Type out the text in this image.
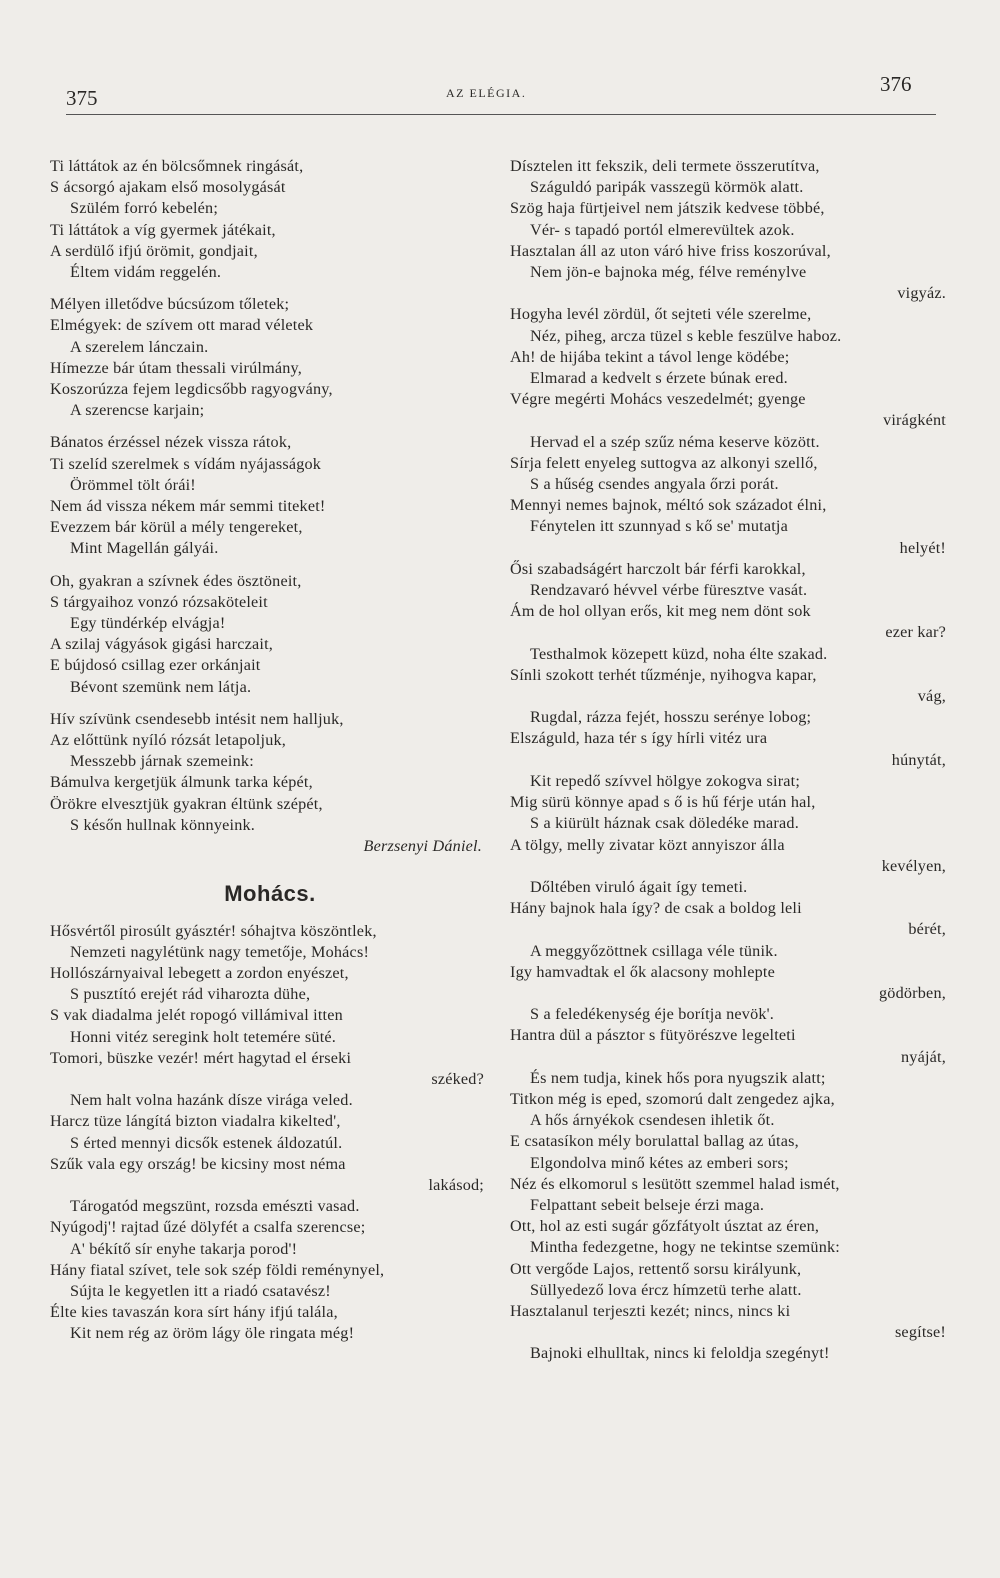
375	AZ ELÉGIA.	376
Ti láttátok az én bölcsőmnek ringását,
S ácsorgó ajakam első mosolygását
Szülém forró kebelén;
Ti láttátok a víg gyermek játékait,
A serdülő ifjú örömit, gondjait,
Éltem vidám reggelén.
Mélyen illetődve búcsúzom tőletek;
Elmégyek: de szívem ott marad véletek
A szerelem lánczain.
Hímezze bár útam thessali virúlmány,
Koszorúzza fejem legdicsőbb ragyogvány,
A szerencse karjain;
Bánatos érzéssel nézek vissza rátok,
Ti szelíd szerelmek s vídám nyájasságok
Örömmel tölt órái!
Nem ád vissza nékem már semmi titeket!
Evezzem bár körül a mély tengereket,
Mint Magellán gályái.
Oh, gyakran a szívnek édes ösztöneit,
S tárgyaihoz vonzó rózsaköteleit
Egy tündérkép elvágja!
A szilaj vágyások gigási harczait,
E bújdosó csillag ezer orkánjait
Bévont szemünk nem látja.
Hív szívünk csendesebb intésit nem halljuk,
Az előttünk nyíló rózsát letapoljuk,
Messzebb járnak szemeink:
Bámulva kergetjük álmunk tarka képét,
Örökre elvesztjük gyakran éltünk szépét,
S későn hullnak könnyeink.
Berzsenyi Dániel.
Mohács.
Hősvértől pirosúlt gyásztér! sóhajtva köszöntlek,
Nemzeti nagylétünk nagy temetője, Mohács!
Hollószárnyaival lebegett a zordon enyészet,
S pusztító erejét rád viharozta dühe,
S vak diadalma jelét ropogó villámival itten
Honni vitéz seregink holt tetemére süté.
Tomori, büszke vezér! mért hagytad el érseki
széked?
Nem halt volna hazánk dísze virága veled.
Harcz tüze lángítá bizton viadalra kikelted',
S érted mennyi dicsők estenek áldozatúl.
Szűk vala egy ország! be kicsiny most néma
lakásod;
Tárogatód megszünt, rozsda emészti vasad.
Nyúgodj'! rajtad űzé dölyfét a csalfa szerencse;
A' békítő sír enyhe takarja porod'!
Hány fiatal szívet, tele sok szép földi reménynyel,
Sújta le kegyetlen itt a riadó csatavész!
Élte kies tavaszán kora sírt hány ifjú talála,
Kit nem rég az öröm lágy öle ringata még!
Dísztelen itt fekszik, deli termete összerutítva,
Száguldó paripák vasszegü körmök alatt.
Szög haja fürtjeivel nem játszik kedvese többé,
Vér- s tapadó portól elmerevültek azok.
Hasztalan áll az uton váró hive friss koszorúval,
Nem jön-e bajnoka még, félve reménylve
vigyáz.
Hogyha levél zördül, őt sejteti véle szerelme,
Néz, piheg, arcza tüzel s keble feszülve haboz.
Ah! de hijába tekint a távol lenge ködébe;
Elmarad a kedvelt s érzete búnak ered.
Végre megérti Mohács veszedelmét; gyenge
virágként
Hervad el a szép szűz néma keserve között.
Sírja felett enyeleg suttogva az alkonyi szellő,
S a hűség csendes angyala őrzi porát.
Mennyi nemes bajnok, méltó sok századot élni,
Fénytelen itt szunnyad s kő se' mutatja
helyét!
Ősi szabadságért harczolt bár férfi karokkal,
Rendzavaró hévvel vérbe füresztve vasát.
Ám de hol ollyan erős, kit meg nem dönt sok
ezer kar?
Testhalmok közepett küzd, noha élte szakad.
Sínli szokott terhét tűzménje, nyihogva kapar,
vág,
Rugdal, rázza fejét, hosszu serénye lobog;
Elszáguld, haza tér s így hírli vitéz ura
húnytát,
Kit repedő szívvel hölgye zokogva sirat;
Mig sürü könnye apad s ő is hű férje után hal,
S a kiürült háznak csak döledéke marad.
A tölgy, melly zivatar közt annyiszor álla
kevélyen,
Dőltében viruló ágait így temeti.
Hány bajnok hala így? de csak a boldog leli
bérét,
A meggyőzöttnek csillaga véle tünik.
Igy hamvadtak el ők alacsony mohlepte
gödörben,
S a feledékenység éje borítja nevök'.
Hantra dül a pásztor s fütyörészve legelteti
nyáját,
És nem tudja, kinek hős pora nyugszik alatt;
Titkon még is eped, szomorú dalt zengedez ajka,
A hős árnyékok csendesen ihletik őt.
E csatasíkon mély borulattal ballag az útas,
Elgondolva minő kétes az emberi sors;
Néz és elkomorul s lesütött szemmel halad ismét,
Felpattant sebeit belseje érzi maga.
Ott, hol az esti sugár gőzfátyolt úsztat az éren,
Mintha fedezgetne, hogy ne tekintse szemünk:
Ott vergőde Lajos, rettentő sorsu királyunk,
Süllyedező lova ércz hímzetü terhe alatt.
Hasztalanul terjeszti kezét; nincs, nincs ki
segítse!
Bajnoki elhulltak, nincs ki feloldja szegényt!
